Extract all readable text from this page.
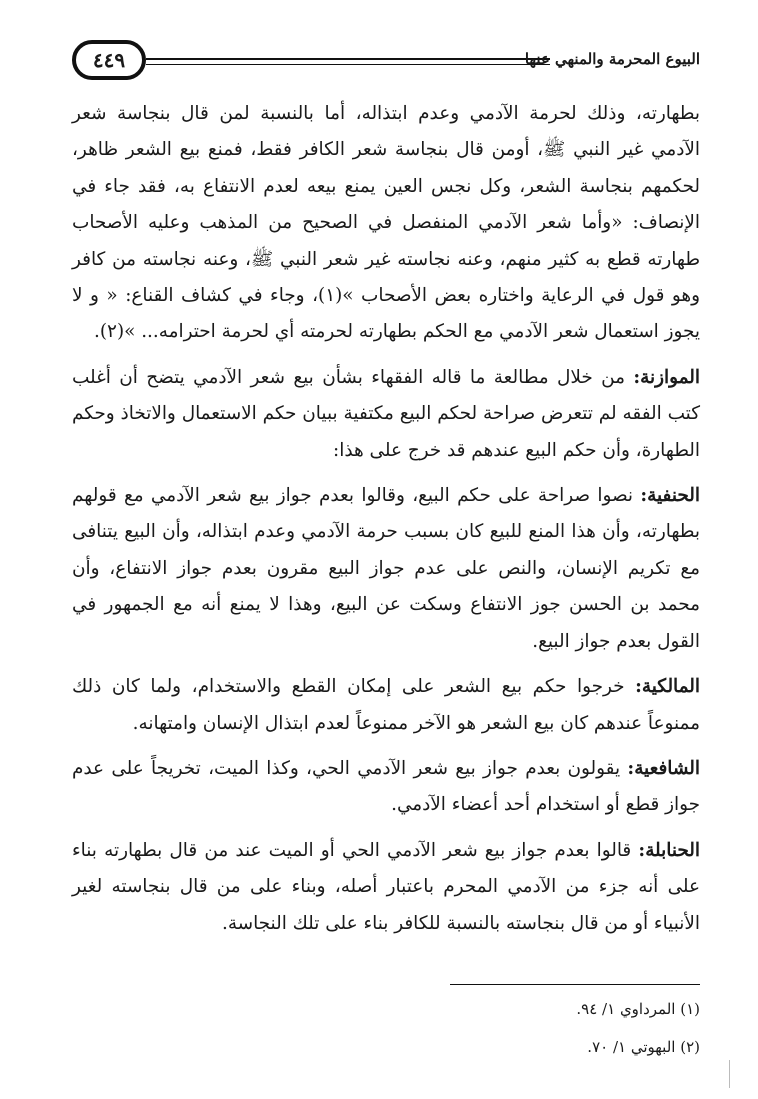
٤٤٩	البيوع المحرمة والمنهي عنها

بطهارته، وذلك لحرمة الآدمي وعدم ابتذاله، أما بالنسبة لمن قال بنجاسة شعر الآدمي غير النبي ﷺ، أومن قال بنجاسة شعر الكافر فقط، فمنع بيع الشعر ظاهر، لحكمهم بنجاسة الشعر، وكل نجس العين يمنع بيعه لعدم الانتفاع به، فقد جاء في الإنصاف: «وأما شعر الآدمي المنفصل في الصحيح من المذهب وعليه الأصحاب طهارته قطع به كثير منهم، وعنه نجاسته غير شعر النبي ﷺ، وعنه نجاسته من كافر وهو قول في الرعاية واختاره بعض الأصحاب »(١)، وجاء في كشاف القناع: « و لا يجوز استعمال شعر الآدمي مع الحكم بطهارته لحرمته أي لحرمة احترامه... »(٢).

الموازنة: من خلال مطالعة ما قاله الفقهاء بشأن بيع شعر الآدمي يتضح أن أغلب كتب الفقه لم تتعرض صراحة لحكم البيع مكتفية ببيان حكم الاستعمال والاتخاذ وحكم الطهارة، وأن حكم البيع عندهم قد خرج على هذا:

الحنفية: نصوا صراحة على حكم البيع، وقالوا بعدم جواز بيع شعر الآدمي مع قولهم بطهارته، وأن هذا المنع للبيع كان بسبب حرمة الآدمي وعدم ابتذاله، وأن البيع يتنافى مع تكريم الإنسان، والنص على عدم جواز البيع مقرون بعدم جواز الانتفاع، وأن محمد بن الحسن جوز الانتفاع وسكت عن البيع، وهذا لا يمنع أنه مع الجمهور في القول بعدم جواز البيع.

المالكية: خرجوا حكم بيع الشعر على إمكان القطع والاستخدام، ولما كان ذلك ممنوعاً عندهم كان بيع الشعر هو الآخر ممنوعاً لعدم ابتذال الإنسان وامتهانه.

الشافعية: يقولون بعدم جواز بيع شعر الآدمي الحي، وكذا الميت، تخريجاً على عدم جواز قطع أو استخدام أحد أعضاء الآدمي.

الحنابلة: قالوا بعدم جواز بيع شعر الآدمي الحي أو الميت عند من قال بطهارته بناء على أنه جزء من الآدمي المحرم باعتبار أصله، وبناء على من قال بنجاسته لغير الأنبياء أو من قال بنجاسته بالنسبة للكافر بناء على تلك النجاسة.

(١) المرداوي ١/ ٩٤.

(٢) البهوتي ١/ ٧٠.
